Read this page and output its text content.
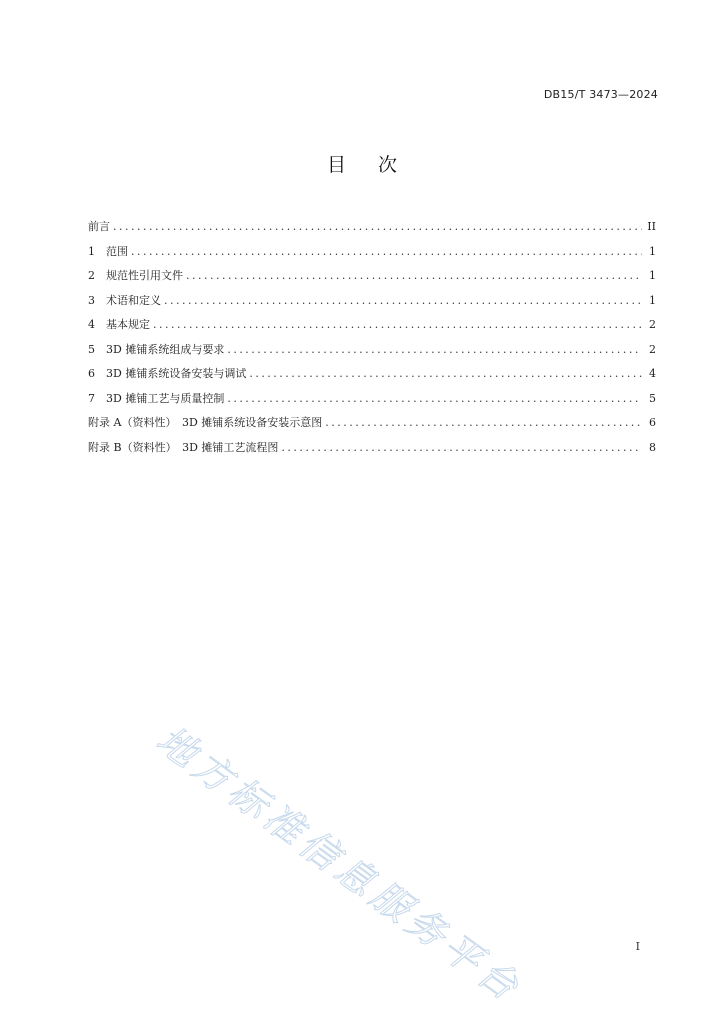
DB15/T 3473—2024
目 次
前言 . . .	II
1	范围 . . .	1
2	规范性引用文件 . . .	1
3	术语和定义 . . .	1
4	基本规定 . . .	2
5	3D 摊铺系统组成与要求 . . .	2
6	3D 摊铺系统设备安装与调试 . . .	4
7	3D 摊铺工艺与质量控制 . . .	5
附录 A（资料性）　3D 摊铺系统设备安装示意图 . . .	6
附录 B（资料性）　3D 摊铺工艺流程图 . . .	8
地方标准信息服务平台	I
